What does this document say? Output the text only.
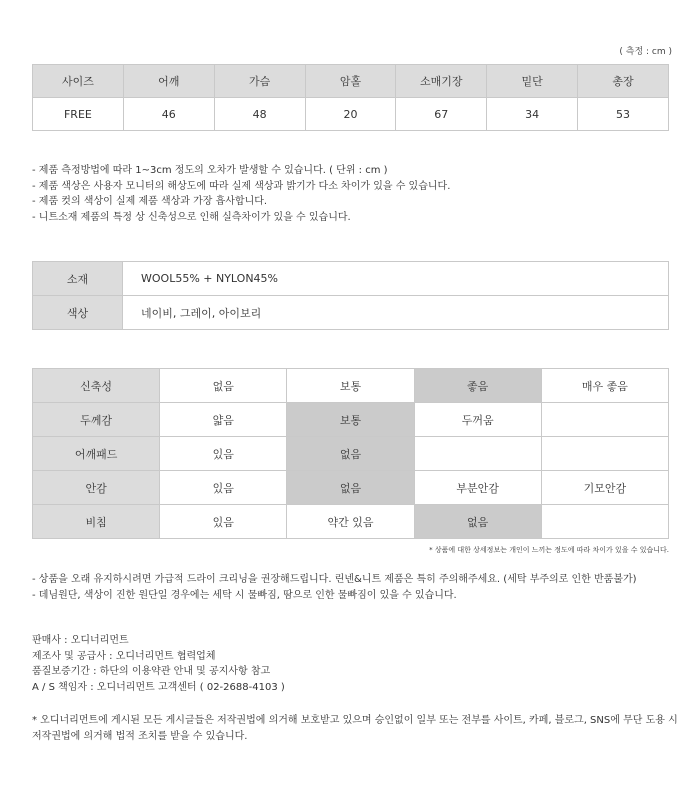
( 측정 : cm )
사이즈	어깨	가슴	암홀	소매기장	밑단	총장
FREE	46	48	20	67	34	53
- 제품 측정방법에 따라 1~3cm 정도의 오차가 발생할 수 있습니다. ( 단위 : cm )
- 제품 색상은 사용자 모니터의 해상도에 따라 실제 색상과 밝기가 다소 차이가 있을 수 있습니다.
- 제품 컷의 색상이 실제 제품 색상과 가장 흡사합니다.
- 니트소재 제품의 특정 상 신축성으로 인해 실측차이가 있을 수 있습니다.
소재	WOOL55% + NYLON45%
색상	네이비, 그레이, 아이보리
신축성	없음	보통	좋음	매우 좋음
두께감	얇음	보통	두꺼움	
어깨패드	있음	없음		
안감	있음	없음	부분안감	기모안감
비침	있음	약간 있음	없음	
* 상품에 대한 상세정보는 개인이 느끼는 정도에 따라 차이가 있을 수 있습니다.
- 상품을 오래 유지하시려면 가급적 드라이 크리닝을 권장해드립니다. 린넨&니트 제품은 특히 주의해주세요. (세탁 부주의로 인한 반품불가)
- 데님원단, 색상이 진한 원단일 경우에는 세탁 시 물빠짐, 땀으로 인한 물빠짐이 있을 수 있습니다.
판매사 : 오디너리먼트
제조사 및 공급사 : 오디너리먼트 협력업체
품질보증기간 : 하단의 이용약관 안내 및 공지사항 참고
A / S 책임자 : 오디너리먼트 고객센터 ( 02-2688-4103 )
* 오디너리먼트에 게시된 모든 게시글들은 저작권법에 의거해 보호받고 있으며 승인없이 일부 또는 전부를 사이트, 카페, 블로그, SNS에 무단 도용 시 저작권법에 의거해 법적 조치를 받을 수 있습니다.
